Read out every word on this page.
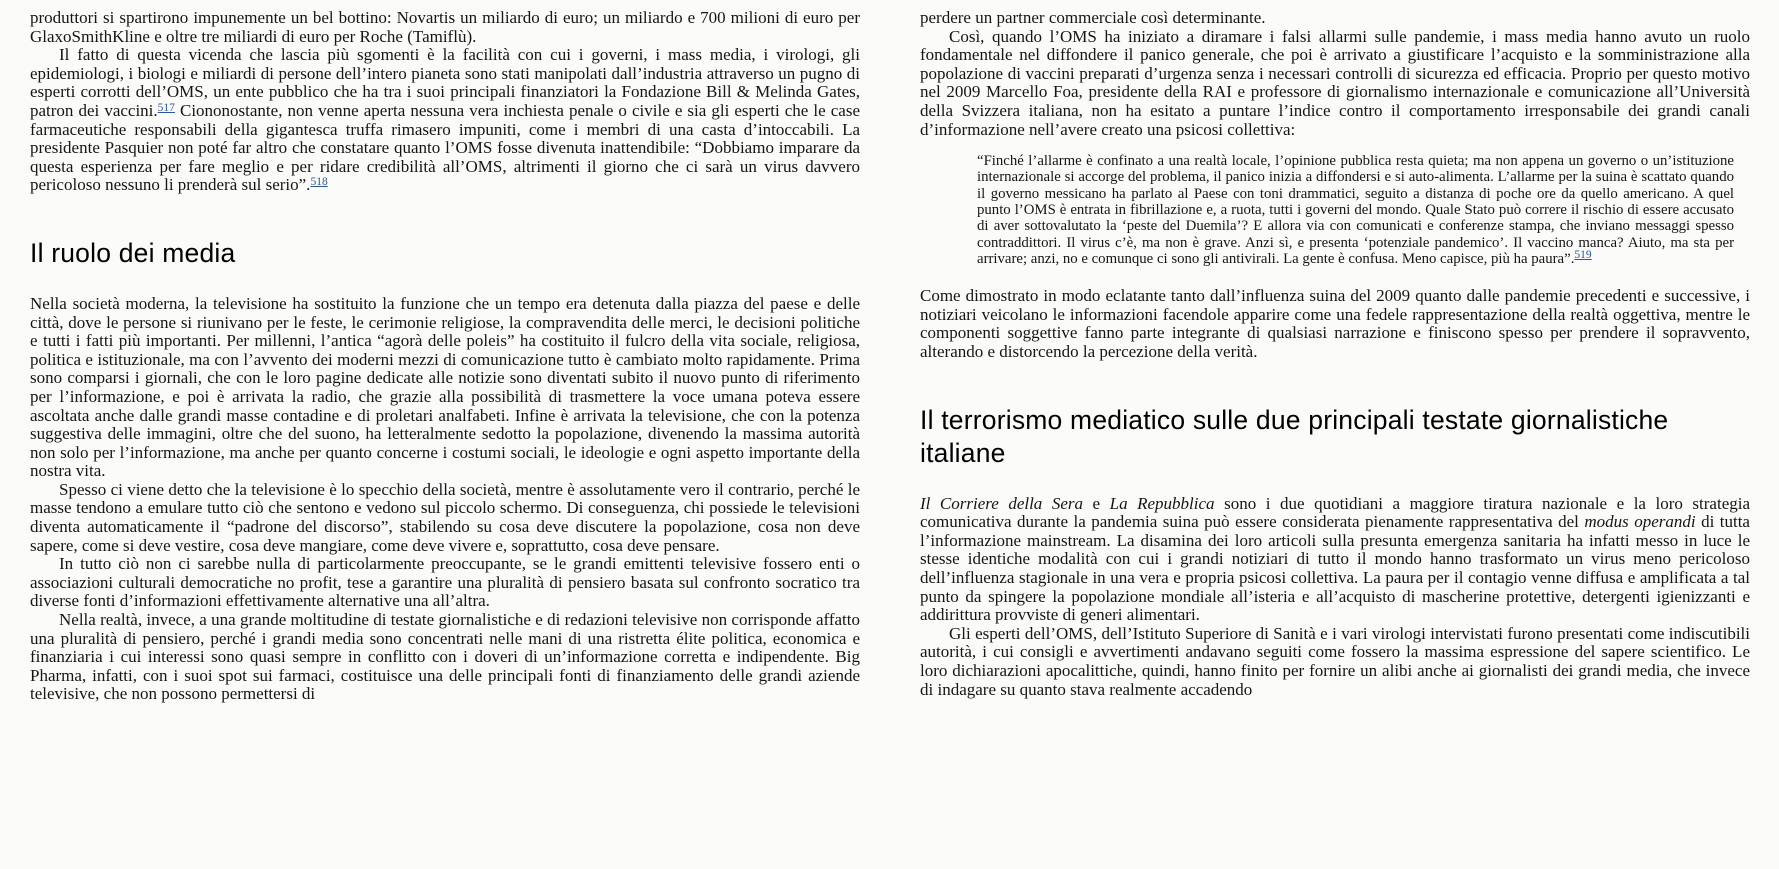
produttori si spartirono impunemente un bel bottino: Novartis un miliardo di euro; un miliardo e 700 milioni di euro per GlaxoSmithKline e oltre tre miliardi di euro per Roche (Tamiflù).

Il fatto di questa vicenda che lascia più sgomenti è la facilità con cui i governi, i mass media, i virologi, gli epidemiologi, i biologi e miliardi di persone dell’intero pianeta sono stati manipolati dall’industria attraverso un pugno di esperti corrotti dell’OMS, un ente pubblico che ha tra i suoi principali finanziatori la Fondazione Bill & Melinda Gates, patron dei vaccini.$^{517}$ Ciononostante, non venne aperta nessuna vera inchiesta penale o civile e sia gli esperti che le case farmaceutiche responsabili della gigantesca truffa rimasero impuniti, come i membri di una casta d’intoccabili. La presidente Pasquier non poté far altro che constatare quanto l’OMS fosse divenuta inattendibile: “Dobbiamo imparare da questa esperienza per fare meglio e per ridare credibilità all’OMS, altrimenti il giorno che ci sarà un virus davvero pericoloso nessuno li prenderà sul serio”.$^{518}$

Il ruolo dei media

Nella società moderna, la televisione ha sostituito la funzione che un tempo era detenuta dalla piazza del paese e delle città, dove le persone si riunivano per le feste, le cerimonie religiose, la compravendita delle merci, le decisioni politiche e tutti i fatti più importanti. Per millenni, l’antica “agorà delle poleis” ha costituito il fulcro della vita sociale, religiosa, politica e istituzionale, ma con l’avvento dei moderni mezzi di comunicazione tutto è cambiato molto rapidamente. Prima sono comparsi i giornali, che con le loro pagine dedicate alle notizie sono diventati subito il nuovo punto di riferimento per l’informazione, e poi è arrivata la radio, che grazie alla possibilità di trasmettere la voce umana poteva essere ascoltata anche dalle grandi masse contadine e di proletari analfabeti. Infine è arrivata la televisione, che con la potenza suggestiva delle immagini, oltre che del suono, ha letteralmente sedotto la popolazione, divenendo la massima autorità non solo per l’informazione, ma anche per quanto concerne i costumi sociali, le ideologie e ogni aspetto importante della nostra vita.

Spesso ci viene detto che la televisione è lo specchio della società, mentre è assolutamente vero il contrario, perché le masse tendono a emulare tutto ciò che sentono e vedono sul piccolo schermo. Di conseguenza, chi possiede le televisioni diventa automaticamente il “padrone del discorso”, stabilendo su cosa deve discutere la popolazione, cosa non deve sapere, come si deve vestire, cosa deve mangiare, come deve vivere e, soprattutto, cosa deve pensare.

In tutto ciò non ci sarebbe nulla di particolarmente preoccupante, se le grandi emittenti televisive fossero enti o associazioni culturali democratiche no profit, tese a garantire una pluralità di pensiero basata sul confronto socratico tra diverse fonti d’informazioni effettivamente alternative una all’altra.

Nella realtà, invece, a una grande moltitudine di testate giornalistiche e di redazioni televisive non corrisponde affatto una pluralità di pensiero, perché i grandi media sono concentrati nelle mani di una ristretta élite politica, economica e finanziaria i cui interessi sono quasi sempre in conflitto con i doveri di un’informazione corretta e indipendente. Big Pharma, infatti, con i suoi spot sui farmaci, costituisce una delle principali fonti di finanziamento delle grandi aziende televisive, che non possono permettersi di

perdere un partner commerciale così determinante.

Così, quando l’OMS ha iniziato a diramare i falsi allarmi sulle pandemie, i mass media hanno avuto un ruolo fondamentale nel diffondere il panico generale, che poi è arrivato a giustificare l’acquisto e la somministrazione alla popolazione di vaccini preparati d’urgenza senza i necessari controlli di sicurezza ed efficacia. Proprio per questo motivo nel 2009 Marcello Foa, presidente della RAI e professore di giornalismo internazionale e comunicazione all’Università della Svizzera italiana, non ha esitato a puntare l’indice contro il comportamento irresponsabile dei grandi canali d’informazione nell’avere creato una psicosi collettiva:

“Finché l’allarme è confinato a una realtà locale, l’opinione pubblica resta quieta; ma non appena un governo o un’istituzione internazionale si accorge del problema, il panico inizia a diffondersi e si auto-alimenta. L’allarme per la suina è scattato quando il governo messicano ha parlato al Paese con toni drammatici, seguito a distanza di poche ore da quello americano. A quel punto l’OMS è entrata in fibrillazione e, a ruota, tutti i governi del mondo. Quale Stato può correre il rischio di essere accusato di aver sottovalutato la ‘peste del Duemila’? E allora via con comunicati e conferenze stampa, che inviano messaggi spesso contraddittori. Il virus c’è, ma non è grave. Anzi sì, e presenta ‘potenziale pandemico’. Il vaccino manca? Aiuto, ma sta per arrivare; anzi, no e comunque ci sono gli antivirali. La gente è confusa. Meno capisce, più ha paura”.$^{519}$

Come dimostrato in modo eclatante tanto dall’influenza suina del 2009 quanto dalle pandemie precedenti e successive, i notiziari veicolano le informazioni facendole apparire come una fedele rappresentazione della realtà oggettiva, mentre le componenti soggettive fanno parte integrante di qualsiasi narrazione e finiscono spesso per prendere il sopravvento, alterando e distorcendo la percezione della verità.

Il terrorismo mediatico sulle due principali testate giornalistiche italiane

Il Corriere della Sera e La Repubblica sono i due quotidiani a maggiore tiratura nazionale e la loro strategia comunicativa durante la pandemia suina può essere considerata pienamente rappresentativa del modus operandi di tutta l’informazione mainstream. La disamina dei loro articoli sulla presunta emergenza sanitaria ha infatti messo in luce le stesse identiche modalità con cui i grandi notiziari di tutto il mondo hanno trasformato un virus meno pericoloso dell’influenza stagionale in una vera e propria psicosi collettiva. La paura per il contagio venne diffusa e amplificata a tal punto da spingere la popolazione mondiale all’isteria e all’acquisto di mascherine protettive, detergenti igienizzanti e addirittura provviste di generi alimentari.

Gli esperti dell’OMS, dell’Istituto Superiore di Sanità e i vari virologi intervistati furono presentati come indiscutibili autorità, i cui consigli e avvertimenti andavano seguiti come fossero la massima espressione del sapere scientifico. Le loro dichiarazioni apocalittiche, quindi, hanno finito per fornire un alibi anche ai giornalisti dei grandi media, che invece di indagare su quanto stava realmente accadendo
